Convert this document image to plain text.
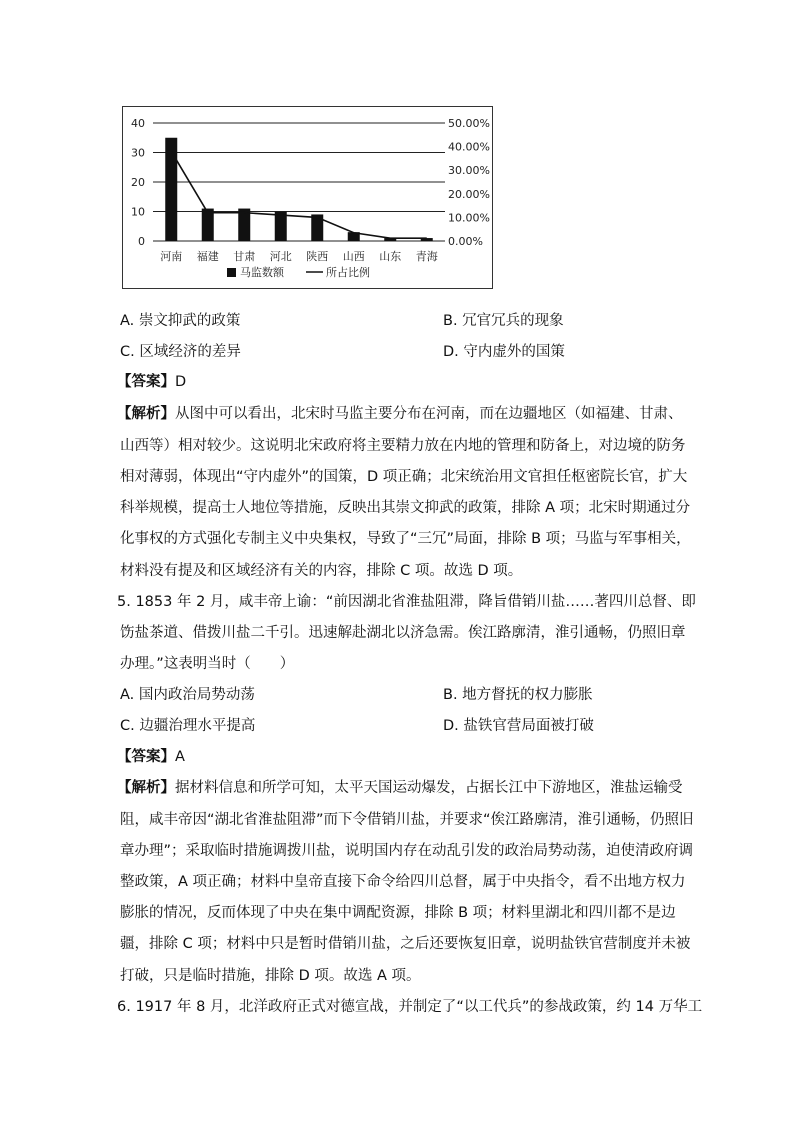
40
30
20
10
0
50.00%
40.00%
30.00%
20.00%
10.00%
0.00%
河南 福建 甘肃 河北 陕西 山西 山东 青海
马监数额	所占比例
A. 崇文抑武的政策	B. 冗官冗兵的现象
C. 区域经济的差异	D. 守内虚外的国策
【答案】D
【解析】从图中可以看出，北宋时马监主要分布在河南，而在边疆地区（如福建、甘肃、
山西等）相对较少。这说明北宋政府将主要精力放在内地的管理和防备上，对边境的防务
相对薄弱，体现出“守内虚外”的国策，D 项正确；北宋统治用文官担任枢密院长官，扩大
科举规模，提高士人地位等措施，反映出其崇文抑武的政策，排除 A 项；北宋时期通过分
化事权的方式强化专制主义中央集权，导致了“三冗”局面，排除 B 项；马监与军事相关，
材料没有提及和区域经济有关的内容，排除 C 项。故选 D 项。
5. 1853 年 2 月，咸丰帝上谕：“前因湖北省淮盐阻滞，降旨借销川盐……著四川总督、即
饬盐茶道、借拨川盐二千引。迅速解赴湖北以济急需。俟江路廓清，淮引通畅，仍照旧章
办理。”这表明当时（　　）
A. 国内政治局势动荡	B. 地方督抚的权力膨胀
C. 边疆治理水平提高	D. 盐铁官营局面被打破
【答案】A
【解析】据材料信息和所学可知，太平天国运动爆发，占据长江中下游地区，淮盐运输受
阻，咸丰帝因“湖北省淮盐阻滞”而下令借销川盐，并要求“俟江路廓清，淮引通畅，仍照旧
章办理”；采取临时措施调拨川盐，说明国内存在动乱引发的政治局势动荡，迫使清政府调
整政策，A 项正确；材料中皇帝直接下命令给四川总督，属于中央指令，看不出地方权力
膨胀的情况，反而体现了中央在集中调配资源，排除 B 项；材料里湖北和四川都不是边
疆，排除 C 项；材料中只是暂时借销川盐，之后还要恢复旧章，说明盐铁官营制度并未被
打破，只是临时措施，排除 D 项。故选 A 项。
6. 1917 年 8 月，北洋政府正式对德宣战，并制定了“以工代兵”的参战政策，约 14 万华工
